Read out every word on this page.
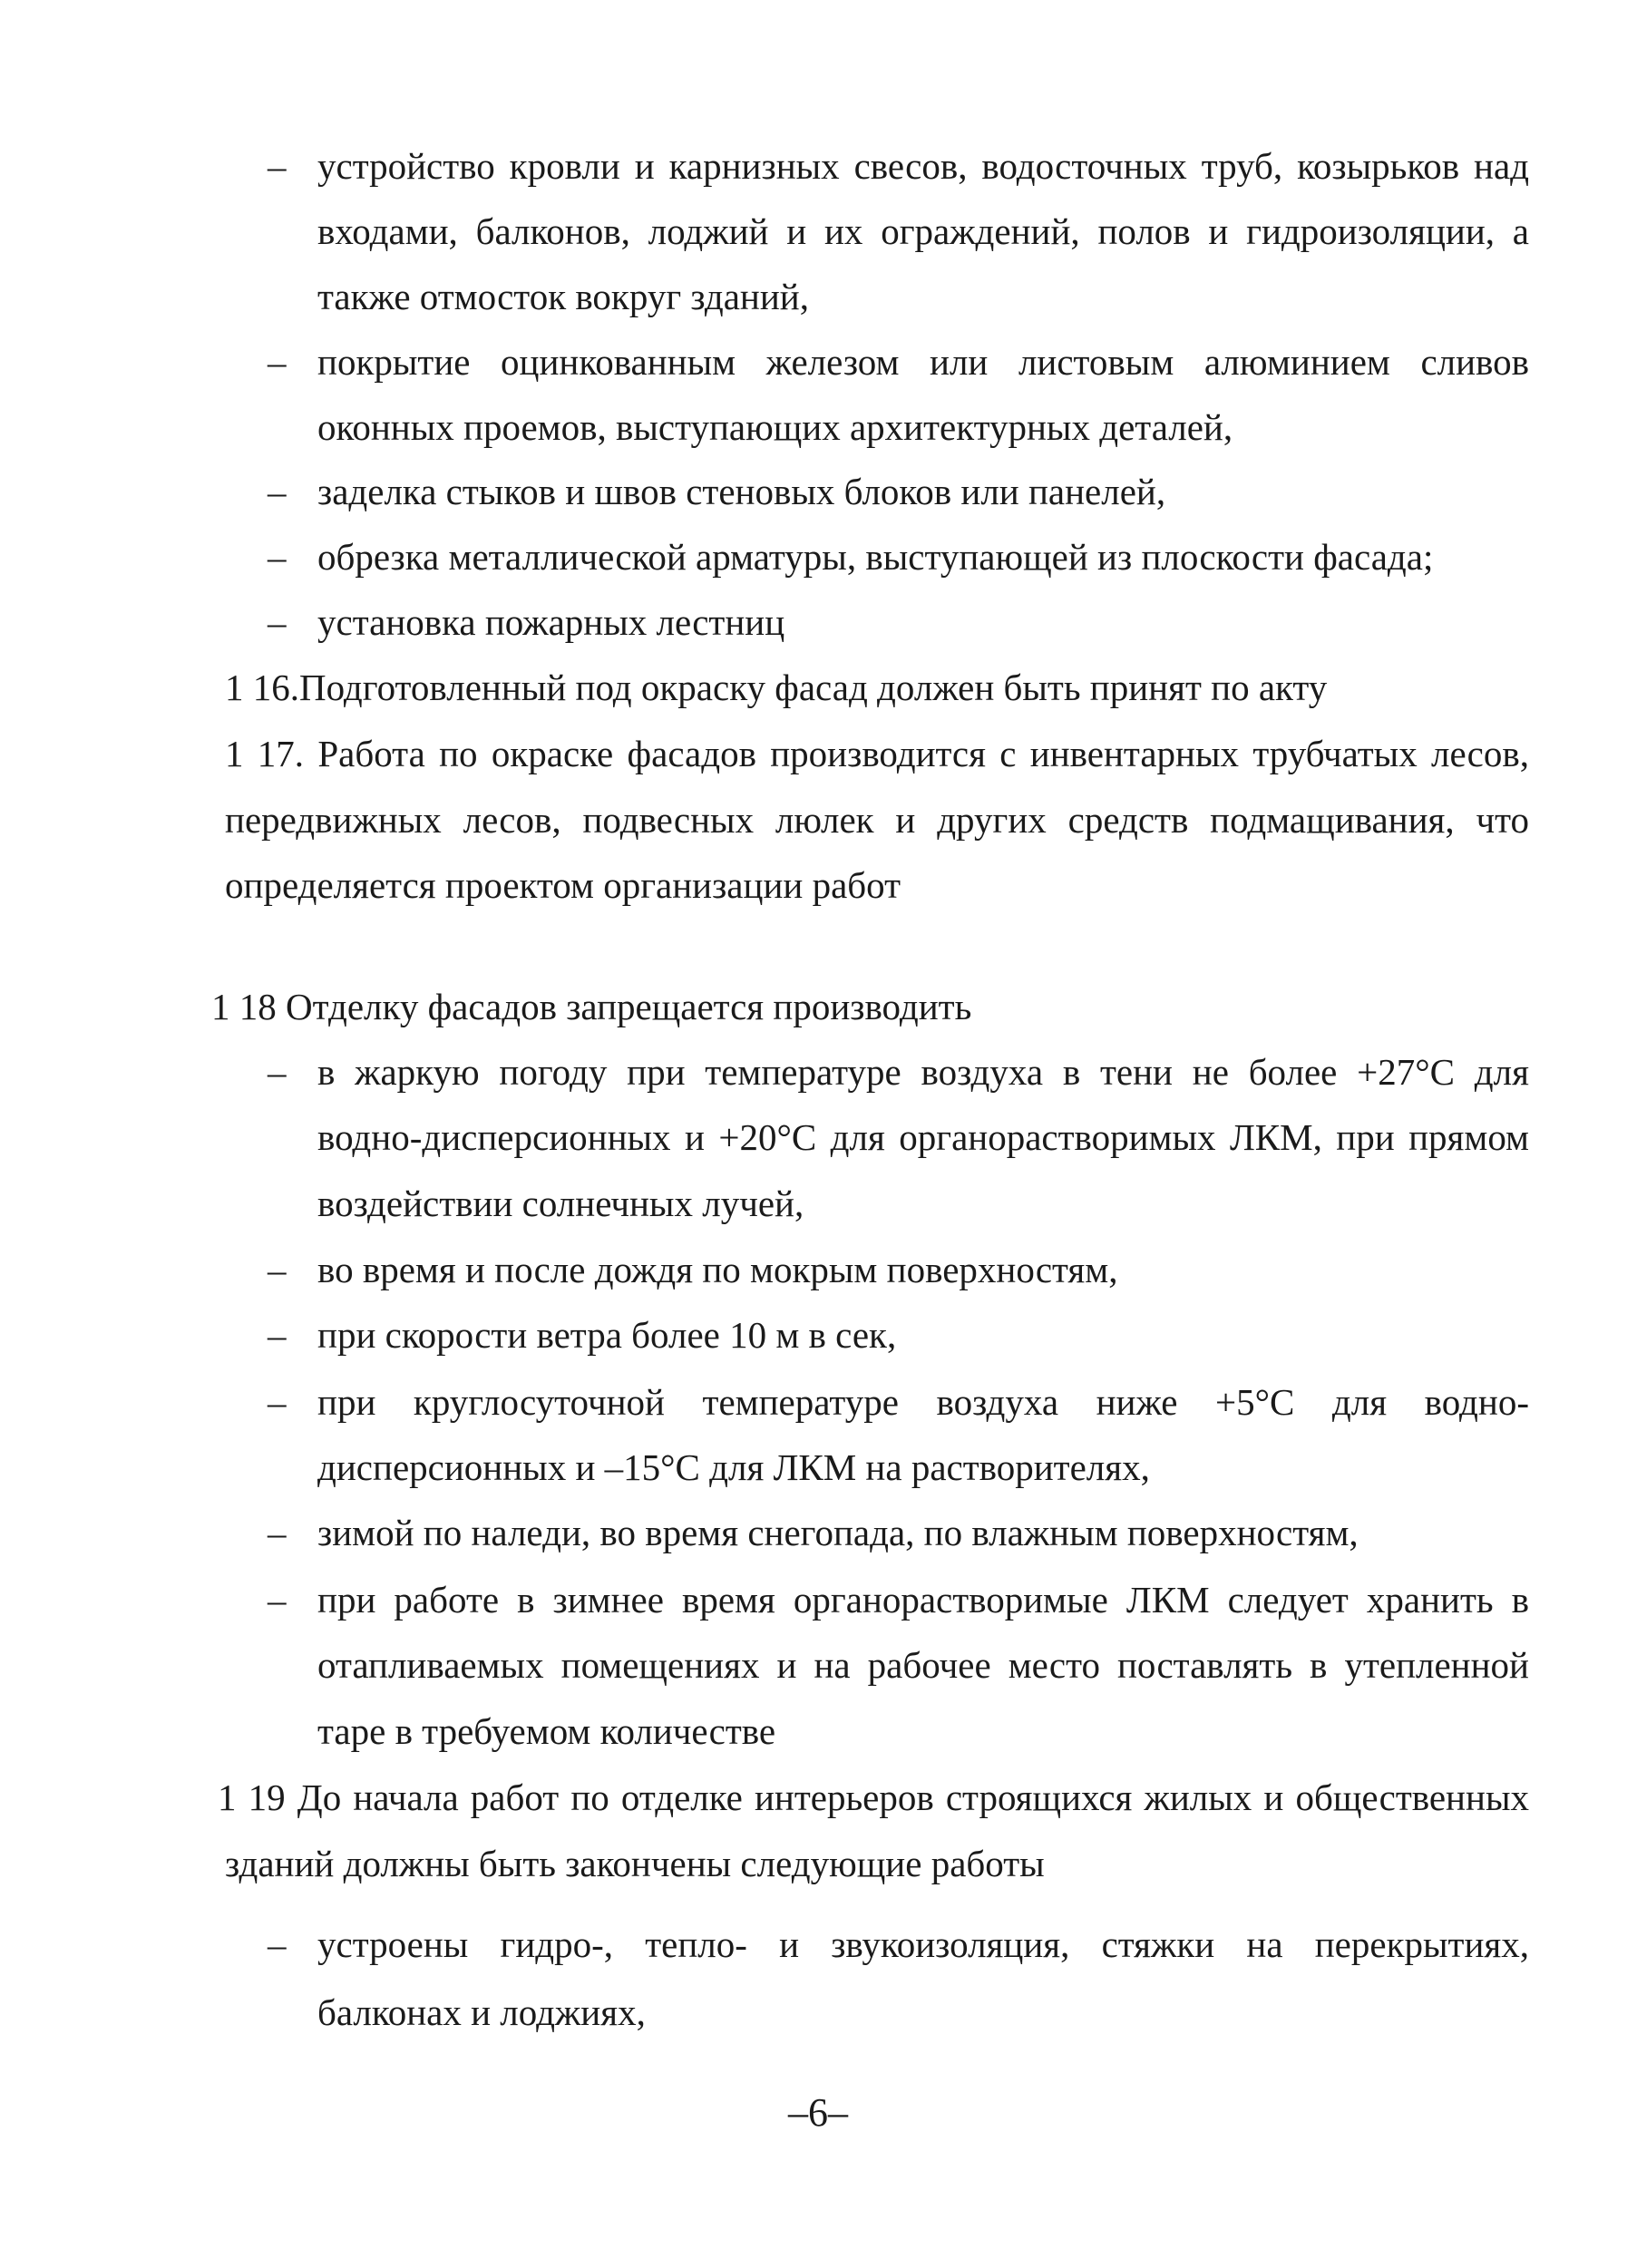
–
–
–
–
–
–
–
–
–
–
–
–
устройство кровли и карнизных свесов, водосточных труб, козырьков над
входами, балконов, лоджий и их ограждений, полов и гидроизоляции, а
также отмосток вокруг зданий,
покрытие оцинкованным железом или листовым алюминием сливов
оконных проемов, выступающих архитектурных деталей,
заделка стыков и швов стеновых блоков или панелей,
обрезка металлической арматуры, выступающей из плоскости фасада;
установка пожарных лестниц
1 16.Подготовленный под окраску фасад должен быть принят по акту
1 17. Работа по окраске фасадов производится с инвентарных трубчатых лесов,
передвижных лесов, подвесных люлек и других средств подмащивания, что
определяется проектом организации работ
1 18 Отделку фасадов запрещается производить
в жаркую погоду при температуре воздуха в тени не более +27°C для
водно-дисперсионных и +20°C для органорастворимых ЛКМ, при прямом
воздействии солнечных лучей,
во время и после дождя по мокрым поверхностям,
при скорости ветра более 10 м в сек,
при круглосуточной температуре воздуха ниже +5°C для водно-
дисперсионных и –15°C для ЛКМ на растворителях,
зимой по наледи, во время снегопада, по влажным поверхностям,
при работе в зимнее время органорастворимые ЛКМ следует хранить в
отапливаемых помещениях и на рабочее место поставлять в утепленной
таре в требуемом количестве
1 19 До начала работ по отделке интерьеров строящихся жилых и общественных
зданий должны быть закончены следующие работы
устроены гидро-, тепло- и звукоизоляция, стяжки на перекрытиях,
балконах и лоджиях,
–6–
